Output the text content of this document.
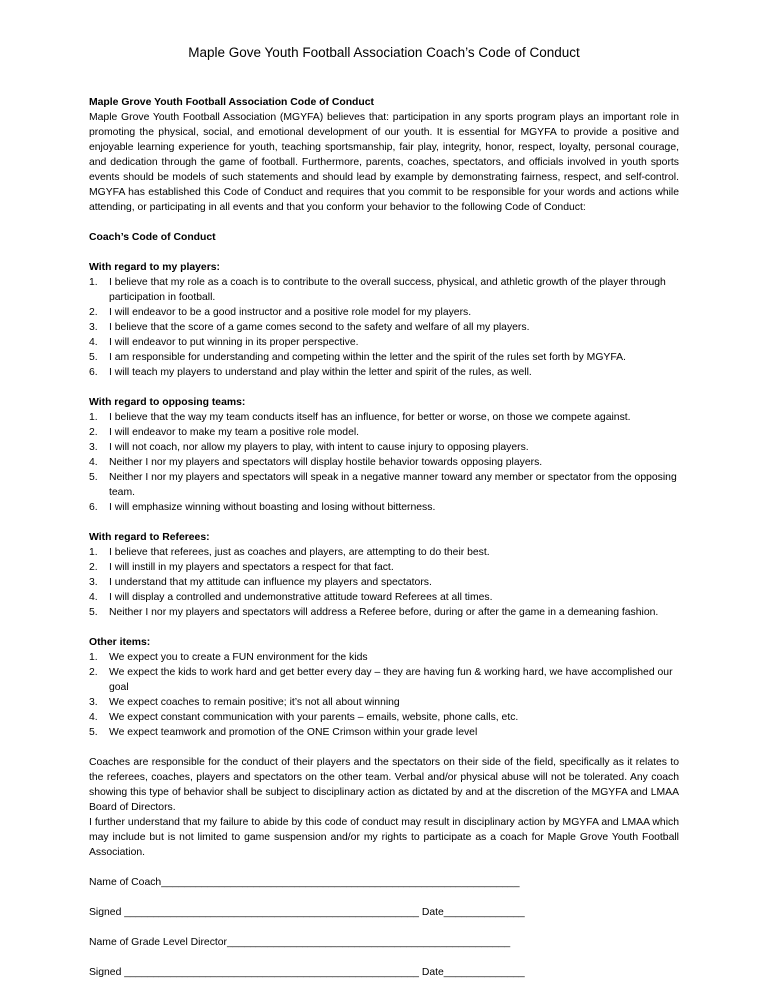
Maple Gove Youth Football Association Coach’s Code of Conduct

Maple Grove Youth Football Association Code of Conduct

Maple Grove Youth Football Association (MGYFA) believes that: participation in any sports program plays an important role in promoting the physical, social, and emotional development of our youth. It is essential for MGYFA to provide a positive and enjoyable learning experience for youth, teaching sportsmanship, fair play, integrity, honor, respect, loyalty, personal courage, and dedication through the game of football. Furthermore, parents, coaches, spectators, and officials involved in youth sports events should be models of such statements and should lead by example by demonstrating fairness, respect, and self-control. MGYFA has established this Code of Conduct and requires that you commit to be responsible for your words and actions while attending, or participating in all events and that you conform your behavior to the following Code of Conduct:

Coach’s Code of Conduct

With regard to my players:

1. I believe that my role as a coach is to contribute to the overall success, physical, and athletic growth of the player through participation in football.
2. I will endeavor to be a good instructor and a positive role model for my players.
3. I believe that the score of a game comes second to the safety and welfare of all my players.
4. I will endeavor to put winning in its proper perspective.
5. I am responsible for understanding and competing within the letter and the spirit of the rules set forth by MGYFA.
6. I will teach my players to understand and play within the letter and spirit of the rules, as well.

With regard to opposing teams:

1. I believe that the way my team conducts itself has an influence, for better or worse, on those we compete against.
2. I will endeavor to make my team a positive role model.
3. I will not coach, nor allow my players to play, with intent to cause injury to opposing players.
4. Neither I nor my players and spectators will display hostile behavior towards opposing players.
5. Neither I nor my players and spectators will speak in a negative manner toward any member or spectator from the opposing team.
6. I will emphasize winning without boasting and losing without bitterness.

With regard to Referees:

1. I believe that referees, just as coaches and players, are attempting to do their best.
2. I will instill in my players and spectators a respect for that fact.
3. I understand that my attitude can influence my players and spectators.
4. I will display a controlled and undemonstrative attitude toward Referees at all times.
5. Neither I nor my players and spectators will address a Referee before, during or after the game in a demeaning fashion.

Other items:

1. We expect you to create a FUN environment for the kids
2. We expect the kids to work hard and get better every day – they are having fun & working hard, we have accomplished our goal
3. We expect coaches to remain positive; it’s not all about winning
4. We expect constant communication with your parents – emails, website, phone calls, etc.
5. We expect teamwork and promotion of the ONE Crimson within your grade level

Coaches are responsible for the conduct of their players and the spectators on their side of the field, specifically as it relates to the referees, coaches, players and spectators on the other team. Verbal and/or physical abuse will not be tolerated. Any coach showing this type of behavior shall be subject to disciplinary action as dictated by and at the discretion of the MGYFA and LMAA Board of Directors.

I further understand that my failure to abide by this code of conduct may result in disciplinary action by MGYFA and LMAA which may include but is not limited to game suspension and/or my rights to participate as a coach for Maple Grove Youth Football Association.

Name of Coach______________________________________________________________
Signed ___________________________________________________ Date______________
Name of Grade Level Director_________________________________________________
Signed ___________________________________________________ Date______________
